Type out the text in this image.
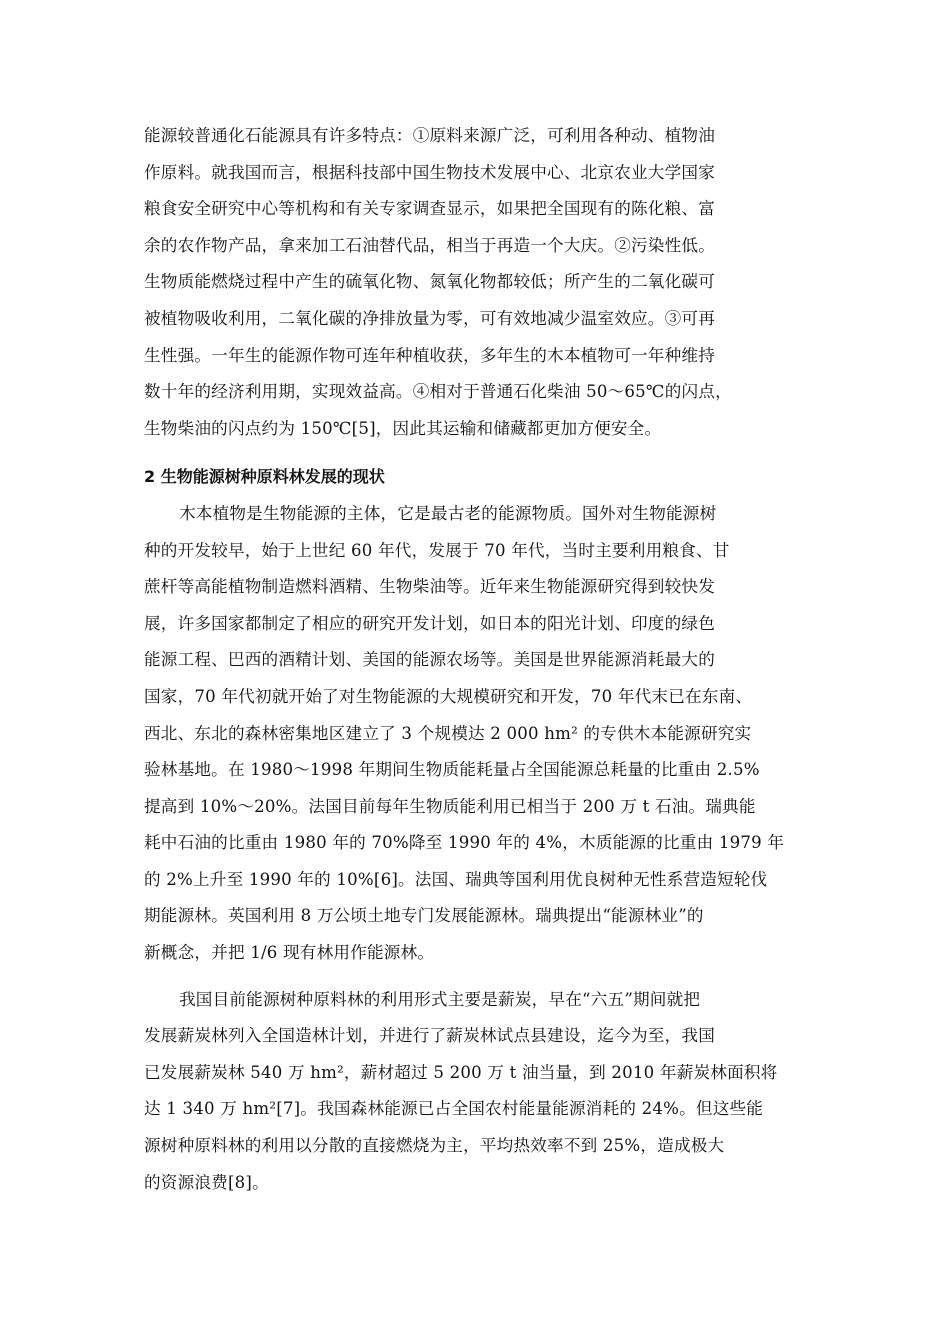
能源较普通化石能源具有许多特点：①原料来源广泛，可利用各种动、植物油
作原料。就我国而言，根据科技部中国生物技术发展中心、北京农业大学国家
粮食安全研究中心等机构和有关专家调查显示，如果把全国现有的陈化粮、富
余的农作物产品，拿来加工石油替代品，相当于再造一个大庆。②污染性低。
生物质能燃烧过程中产生的硫氧化物、氮氧化物都较低；所产生的二氧化碳可
被植物吸收利用，二氧化碳的净排放量为零，可有效地减少温室效应。③可再
生性强。一年生的能源作物可连年种植收获，多年生的木本植物可一年种维持
数十年的经济利用期，实现效益高。④相对于普通石化柴油 50～65℃的闪点，
生物柴油的闪点约为 150℃[5]，因此其运输和储藏都更加方便安全。
2 生物能源树种原料林发展的现状
木本植物是生物能源的主体，它是最古老的能源物质。国外对生物能源树
种的开发较早，始于上世纪 60 年代，发展于 70 年代，当时主要利用粮食、甘
蔗杆等高能植物制造燃料酒精、生物柴油等。近年来生物能源研究得到较快发
展，许多国家都制定了相应的研究开发计划，如日本的阳光计划、印度的绿色
能源工程、巴西的酒精计划、美国的能源农场等。美国是世界能源消耗最大的
国家，70 年代初就开始了对生物能源的大规模研究和开发，70 年代末已在东南、
西北、东北的森林密集地区建立了 3 个规模达 2 000 hm² 的专供木本能源研究实
验林基地。在 1980～1998 年期间生物质能耗量占全国能源总耗量的比重由 2.5%
提高到 10%～20%。法国目前每年生物质能利用已相当于 200 万 t 石油。瑞典能
耗中石油的比重由 1980 年的 70%降至 1990 年的 4%，木质能源的比重由 1979 年
的 2%上升至 1990 年的 10%[6]。法国、瑞典等国利用优良树种无性系营造短轮伐
期能源林。英国利用 8 万公顷土地专门发展能源林。瑞典提出“能源林业”的
新概念，并把 1/6 现有林用作能源林。
我国目前能源树种原料林的利用形式主要是薪炭，早在“六五”期间就把
发展薪炭林列入全国造林计划，并进行了薪炭林试点县建设，迄今为至，我国
已发展薪炭林 540 万 hm²，薪材超过 5 200 万 t 油当量，到 2010 年薪炭林面积将
达 1 340 万 hm²[7]。我国森林能源已占全国农村能量能源消耗的 24%。但这些能
源树种原料林的利用以分散的直接燃烧为主，平均热效率不到 25%，造成极大
的资源浪费[8]。
